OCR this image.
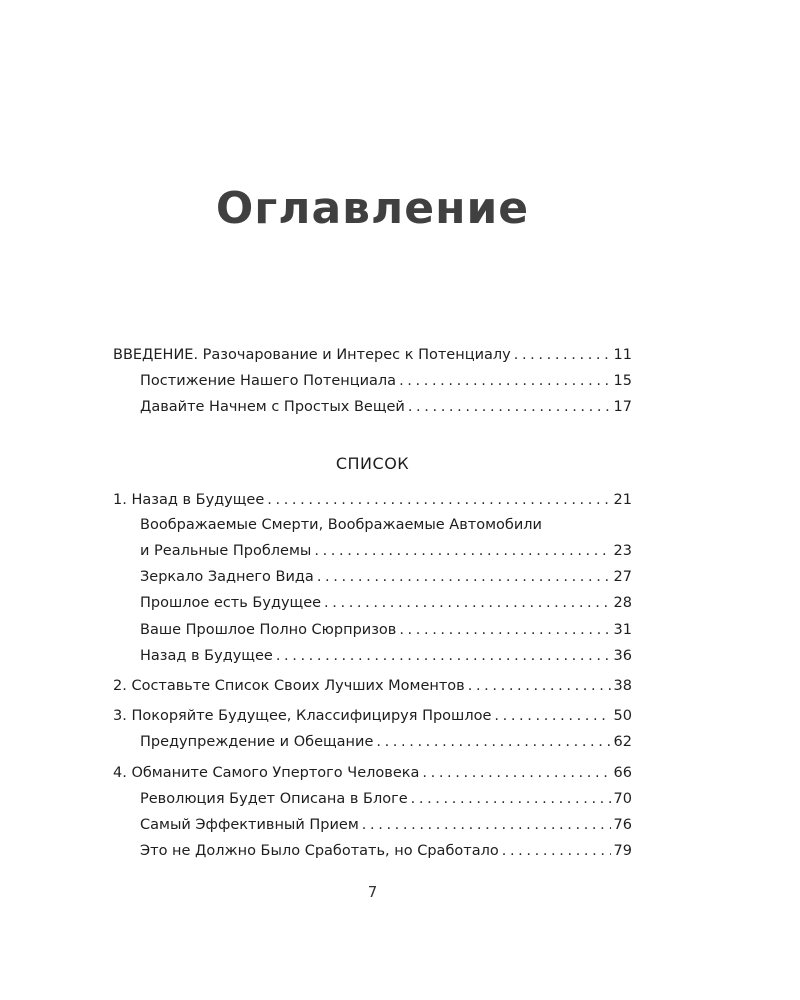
Оглавление
ВВЕДЕНИЕ. Разочарование и Интерес к Потенциалу . . .	11
Постижение Нашего Потенциала . . .	15
Давайте Начнем с Простых Вещей . . .	17
СПИСОК
1. Назад в Будущее . . .	21
Воображаемые Смерти, Воображаемые Автомобили
и Реальные Проблемы . . .	23
Зеркало Заднего Вида . . .	27
Прошлое есть Будущее . . .	28
Ваше Прошлое Полно Сюрпризов . . .	31
Назад в Будущее . . .	36
2. Составьте Список Своих Лучших Моментов . . .	38
3. Покоряйте Будущее, Классифицируя Прошлое . . .	50
Предупреждение и Обещание . . .	62
4. Обманите Самого Упертого Человека . . .	66
Революция Будет Описана в Блоге . . .	70
Самый Эффективный Прием . . .	76
Это не Должно Было Сработать, но Сработало . . .	79
7
